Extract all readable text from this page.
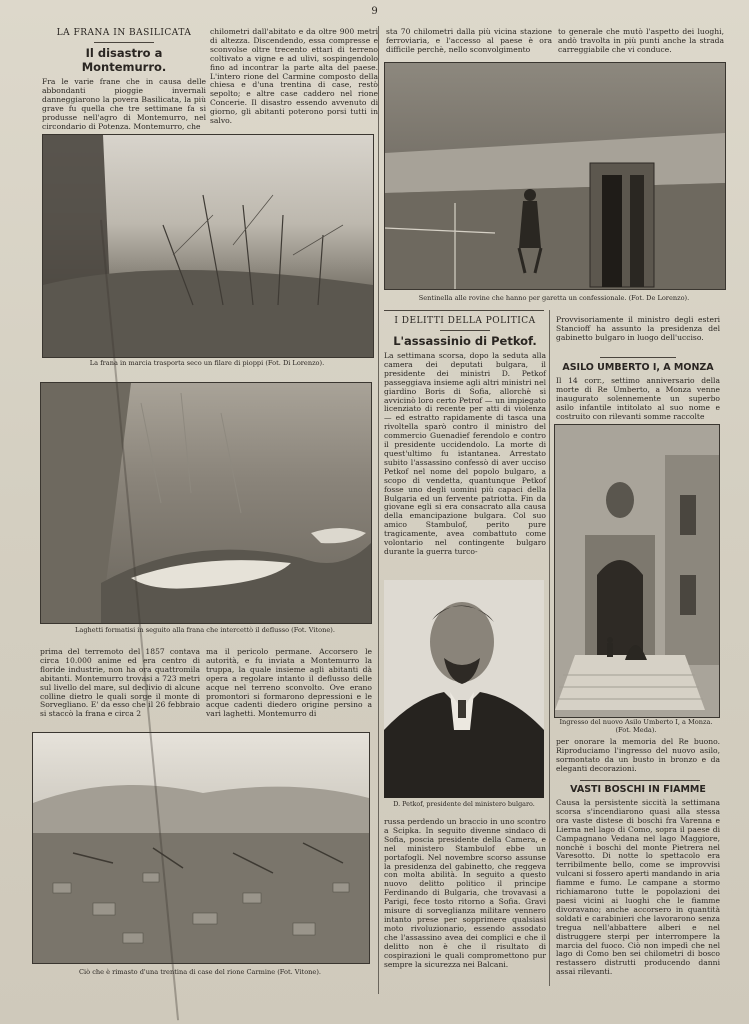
9
LA FRANA IN BASILICATA
Il disastro a Montemurro.

Fra le varie frane che in causa delle abbondanti pioggie invernali danneggiarono la povera Basilicata, la più grave fu quella che tre settimane fa si produsse nell'agro di Montemurro, nel circondario di Potenza. Montemurro, che

chilometri dall'abitato e da oltre 900 metri di altezza. Discendendo, essa compresse e sconvolse oltre trecento ettari di terreno coltivato a vigne e ad ulivi, sospingendolo fino ad incontrar la parte alta del paese. L'intero rione del Carmine composto della chiesa e d'una trentina di case, restò sepolto; e altre case caddero nel rione Concerie. Il disastro essendo avvenuto di giorno, gli abitanti poterono porsi tutti in salvo.

La frana in marcia trasporta seco un filare di pioppi (Fot. Di Lorenzo).
Laghetti formatisi in seguito alla frana che intercettò il deflusso (Fot. Vitone).

prima del terremoto del 1857 contava circa 10.000 anime ed era centro di floride industrie, non ha ora quattromila abitanti. Montemurro trovasi a 723 metri sul livello del mare, sul declivio di alcune colline dietro le quali sorge il monte di Sorvegliano. E' da esso che il 26 febbraio si staccò la frana e circa 2

ma il pericolo permane. Accorsero le autorità, e fu inviata a Montemurro la truppa, la quale insieme agli abitanti dà opera a regolare intanto il deflusso delle acque nel terreno sconvolto. Ove erano promontori si formarono depressioni e le acque cadenti diedero origine persino a vari laghetti. Montemurro di

Ciò che è rimasto d'una trentina di case del rione Carmine (Fot. Vitone).

sta 70 chilometri dalla più vicina stazione ferroviaria, e l'accesso al paese è ora difficile perchè, nello sconvolgimento

to generale che mutò l'aspetto dei luoghi, andò travolta in più punti anche la strada carreggiabile che vi conduce.

Sentinella alle rovine che hanno per garetta un confessionale. (Fot. De Lorenzo).
I DELITTI DELLA POLITICA
L'assassinio di Petkof.

La settimana scorsa, dopo la seduta alla camera dei deputati bulgara, il presidente dei ministri D. Petkof passeggiava insieme agli altri ministri nel giardino Boris di Sofia, allorchè si avvicinò loro certo Petrof — un impiegato licenziato di recente per atti di violenza — ed estratto rapidamente di tasca una rivoltella sparò contro il ministro del commercio Guenadief ferendolo e contro il presidente uccidendolo. La morte di quest'ultimo fu istantanea. Arrestato subito l'assassino confessò di aver ucciso Petkof nel nome del popolo bulgaro, a scopo di vendetta, quantunque Petkof fosse uno degli uomini più capaci della Bulgaria ed un ferventе patriotta. Fin da giovane egli si era consacrato alla causa della emancipazione bulgara. Col suo amico Stambulof, perito pure tragicamente, avea combattuto come volontario nel contingente bulgaro durante la guerra turco-

D. Petkof, presidente del ministero bulgaro.

russa perdendo un braccio in uno scontro a Scipka. In seguito divenne sindaco di Sofia, poscia presidente della Camera, e nel ministero Stambulof ebbe un portafogli. Nel novembre scorso assunse la presidenza del gabinetto, che reggeva con molta abilità. In seguito a questo nuovo delitto politico il principe Ferdinando di Bulgaria, che trovavasi a Parigi, fece tosto ritorno a Sofia. Gravi misure di sorveglianza militare vennero intanto prese per sopprimere qualsiasi moto rivoluzionario, essendo assodato che l'assassino avea dei complici e che il delitto non è che il risultato di cospirazioni le quali compromettono pur sempre la sicurezza nei Balcani.

Provvisoriamente il ministro degli esteri Stancioff ha assunto la presidenza del gabinetto bulgaro in luogo dell'ucciso.

ASILO UMBERTO I, A MONZA

Il 14 corr., settimo anniversario della morte di Re Umberto, a Monza venne inaugurato solennemente un superbo asilo infantile intitolato al suo nome e costruito con rilevanti somme raccolte

Ingresso del nuovo Asilo Umberto I, a Monza. (Fot. Meda).

per onorare la memoria del Re buono. Riproduciamo l'ingresso del nuovo asilo, sormontato da un busto in bronzo e da eleganti decorazioni.

VASTI BOSCHI IN FIAMME

Causa la persistente siccità la settimana scorsa s'incendiarono quasi alla stessa ora vaste distese di boschi fra Varenna e Lierna nel lago di Como, sopra il paese di Campagnano Vedana nel lago Maggiore, nonchè i boschi del monte Pietrera nel Varesotto. Di notte lo spettacolo era terribilmente bello, come se improvvisi vulcani si fossero aperti mandando in aria fiamme e fumo. Le campane a stormo richiamarono tutte le popolazioni dei paesi vicini ai luoghi che le fiamme divoravano; anche accorsero in quantità soldati e carabinieri che lavorarono senza tregua nell'abbattere alberi e nel distruggere sterpi per interrompere la marcia del fuoco. Ciò non impedì che nel lago di Como ben sei chilometri di bosco restassero distrutti producendo danni assai rilevanti.
